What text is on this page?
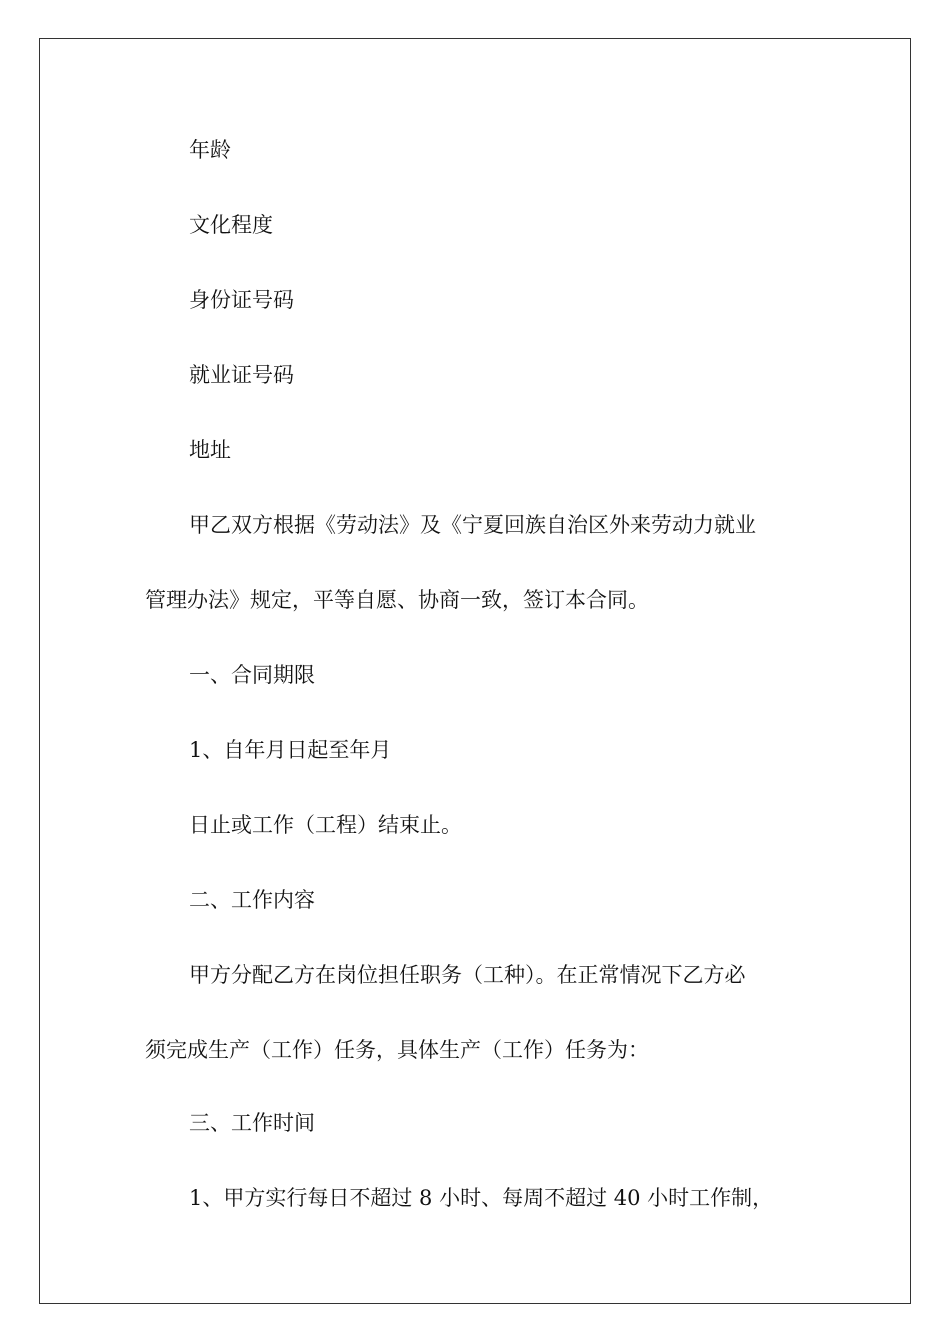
年龄
文化程度
身份证号码
就业证号码
地址
甲乙双方根据《劳动法》及《宁夏回族自治区外来劳动力就业
管理办法》规定，平等自愿、协商一致，签订本合同。
一、合同期限
1、自年月日起至年月
日止或工作（工程）结束止。
二、工作内容
甲方分配乙方在岗位担任职务（工种）。在正常情况下乙方必
须完成生产（工作）任务，具体生产（工作）任务为：
三、工作时间
1、甲方实行每日不超过 8 小时、每周不超过 40 小时工作制，
